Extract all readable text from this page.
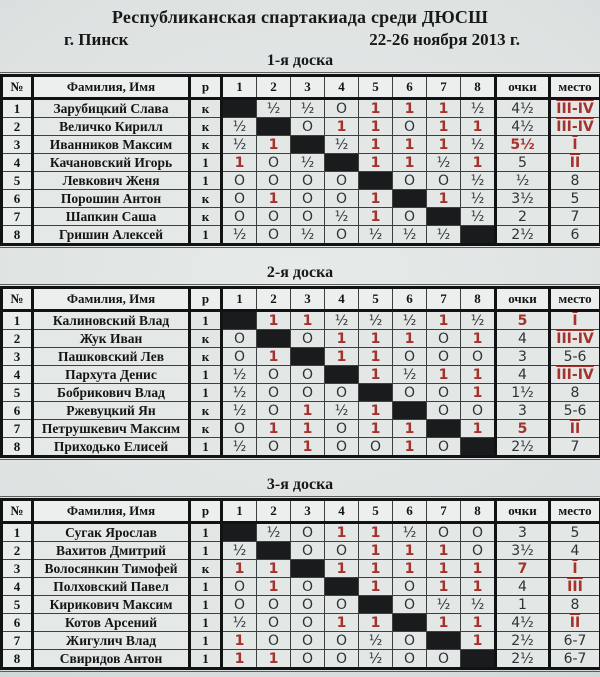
Республиканская спартакиада среди ДЮСШ
г. Пинск	22-26 ноября 2013 г.
1-я доска
№	Фамилия, Имя	р	1	2	3	4	5	6	7	8	очки	место
1	Зарубицкий Слава	к		½	½	O	1	1	1	½	4½	III-IV
2	Величко Кирилл	к	½		O	1	1	O	1	1	4½	III-IV
3	Иванников Максим	к	½	1		½	1	1	1	½	5½	$\overline{I}$
4	Качановский Игорь	1	1	O	½		1	1	½	1	5	$\overline{II}$
5	Левкович Женя	1	O	O	O	O		O	O	½	½	8
6	Порошин Антон	к	O	1	O	O	1		1	½	3½	5
7	Шапкин Саша	к	O	O	O	½	1	O		½	2	7
8	Гришин Алексей	1	½	O	½	O	½	½	½		2½	6
2-я доска
№	Фамилия, Имя	р	1	2	3	4	5	6	7	8	очки	место
1	Калиновский Влад	1		1	1	½	½	½	1	½	5	$\overline{I}$
2	Жук Иван	к	O		O	1	1	1	O	1	4	III-IV
3	Пашковский Лев	к	O	1		1	1	O	O	O	3	5-6
4	Пархута Денис	1	½	O	O		1	½	1	1	4	III-IV
5	Бобрикович Влад	1	½	O	O	O		O	O	1	1½	8
6	Ржевуцкий Ян	к	½	O	1	½	1		O	O	3	5-6
7	Петрушкевич Максим	к	O	1	1	O	1	1		1	5	$\overline{II}$
8	Приходько Елисей	1	½	O	1	O	O	1	O		2½	7
3-я доска
№	Фамилия, Имя	р	1	2	3	4	5	6	7	8	очки	место
1	Сугак Ярослав	1		½	O	1	1	½	O	O	3	5
2	Вахитов Дмитрий	1	½		O	O	1	1	1	O	3½	4
3	Волосянкин Тимофей	к	1	1		1	1	1	1	1	7	$\overline{I}$
4	Полховский Павел	1	O	1	O		1	O	1	1	4	$\overline{III}$
5	Кирикович Максим	1	O	O	O	O		O	½	½	1	8
6	Котов Арсений	1	½	O	O	1	1		1	1	4½	$\overline{II}$
7	Жигулич Влад	1	1	O	O	O	½	O		1	2½	6-7
8	Свиридов Антон	1	1	1	O	O	½	O	O		2½	6-7
